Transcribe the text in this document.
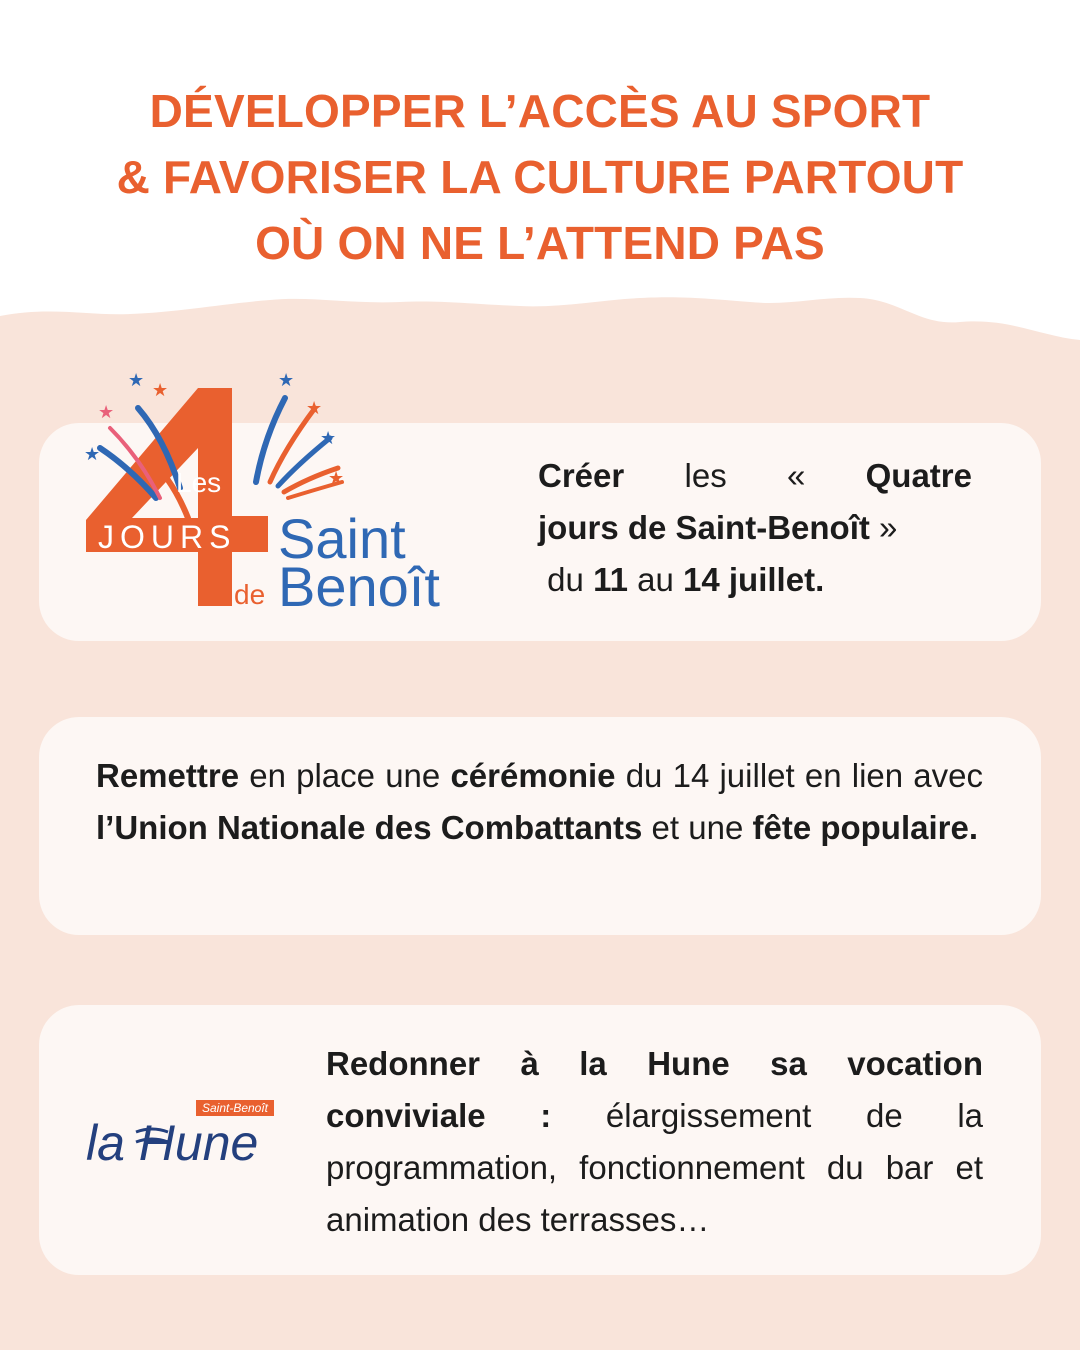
DÉVELOPPER L’ACCÈS AU SPORT
& FAVORISER LA CULTURE PARTOUT
OÙ ON NE L’ATTEND PAS
★ ★
★
★
★
★
★
★
Les
JOURS
de
Saint
Benoît
Créer les « Quatre
jours de Saint-Benoît »
du 11 au 14 juillet.

Remettre en place une cérémonie du 14 juillet en lien avec l’Union Nationale des Combattants et une fête populaire.

Saint-Benoît
la Hune

Redonner à la Hune sa vocation conviviale : élargissement de la programmation, fonctionnement du bar et animation des terrasses…
